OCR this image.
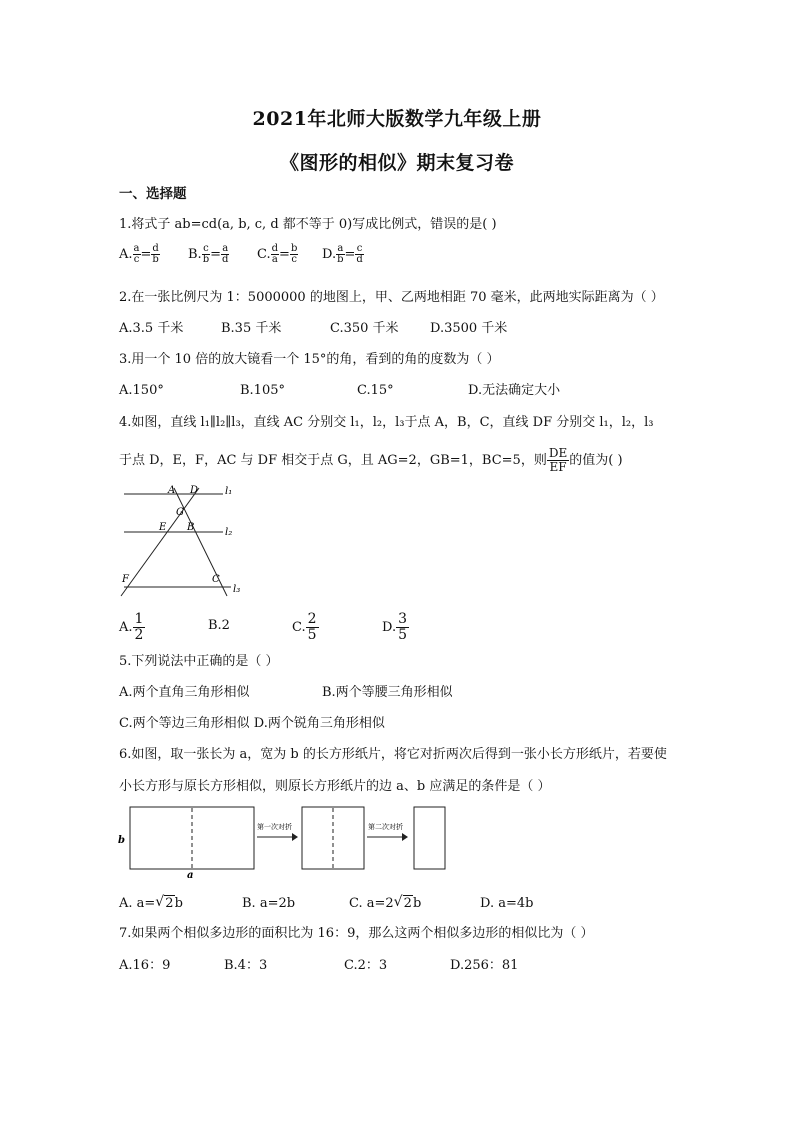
2021年北师大版数学九年级上册
《图形的相似》期末复习卷
一、选择题
1.将式子 ab=cd(a, b, c, d 都不等于 0)写成比例式，错误的是( )
A. $\frac{a}{c} = \frac{d}{b} B$. $\frac{c}{b} = \frac{a}{d} C$. $\frac{d}{a} = \frac{b}{c} D$. $\frac{a}{b} = \frac{c}{d}$
2.在一张比例尺为 1：5000000 的地图上，甲、乙两地相距 70 毫米，此两地实际距离为（ ）
A.3.5 千米	B.35 千米	C.350 千米 D.3500 千米
3.用一个 10 倍的放大镜看一个 15°的角，看到的角的度数为（ ）
A.150°	B.105°	C.15°	D.无法确定大小
4.如图，直线 l₁∥l₂∥l₃，直线 AC 分别交 l₁，l₂，l₃于点 A，B，C，直线 DF 分别交 l₁，l₂，l₃
于点 D，E，F，AC 与 DF 相交于点 G，且 AG=2，GB=1，BC=5，则 $\frac{DE}{EF}$ 的值为( )
A D
G
E B
F	C
l₁
l₂
l₃
A. $\frac{1}{2}$	B.2	C. $\frac{2}{5}$	D. $\frac{3}{5}$
5.下列说法中正确的是（ ）
A.两个直角三角形相似	B.两个等腰三角形相似
C.两个等边三角形相似 D.两个锐角三角形相似
6.如图，取一张长为 a，宽为 b 的长方形纸片，将它对折两次后得到一张小长方形纸片，若要使
小长方形与原长方形相似，则原长方形纸片的边 a、b 应满足的条件是（ ）
b
a
第一次对折	第二次对折
A. a= √ 2b	B. a=2b	C. a=2 √ 2b	D. a=4b
7.如果两个相似多边形的面积比为 16：9，那么这两个相似多边形的相似比为（ ）
A.16：9	B.4：3	C.2：3	D.256：81
